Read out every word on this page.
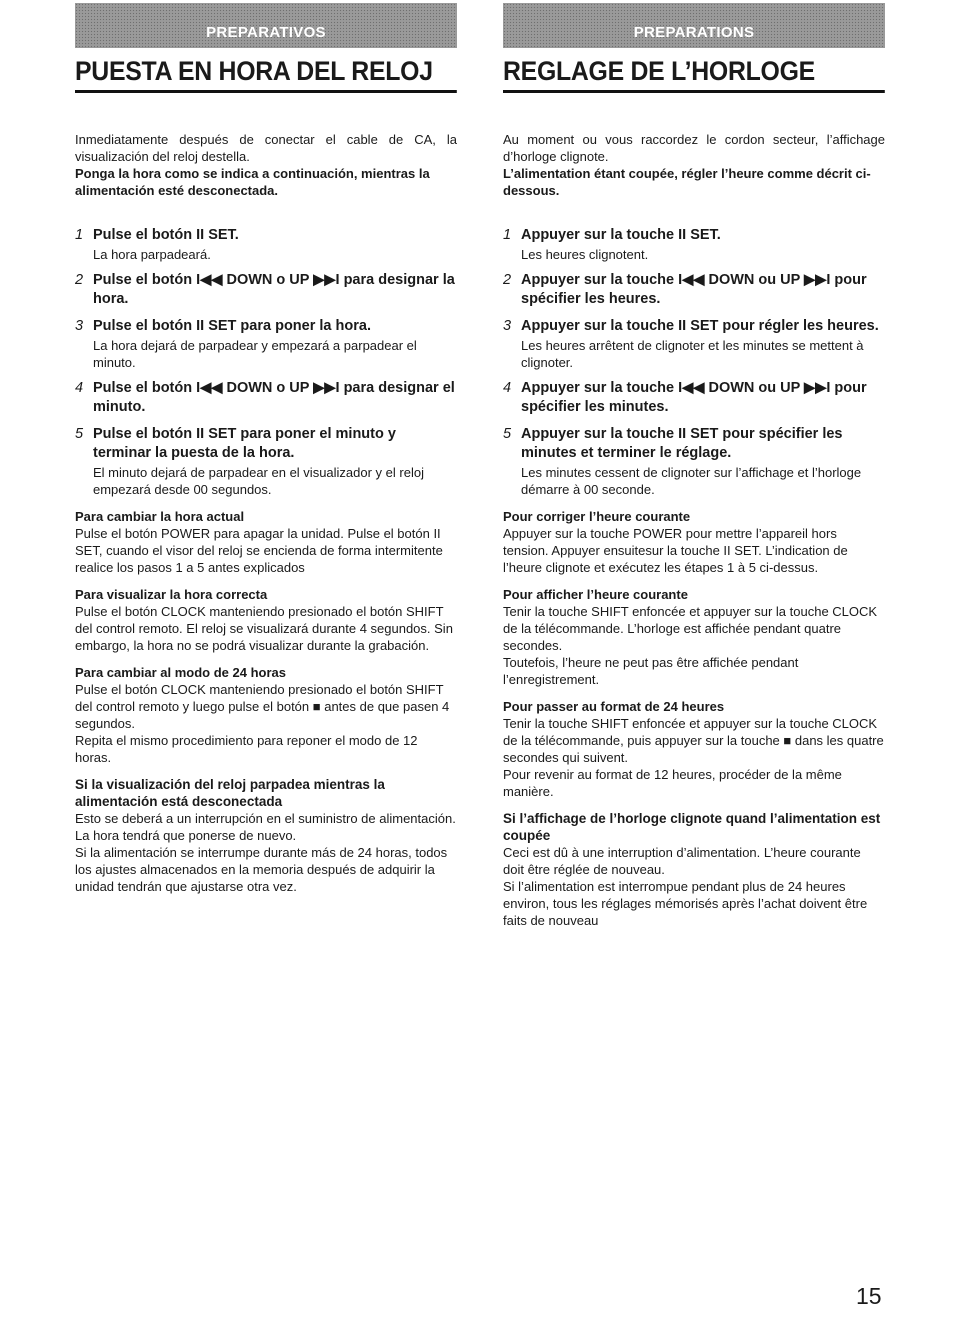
PREPARATIVOS
PUESTA EN HORA DEL RELOJ

Inmediatamente después de conectar el cable de CA, la visualización del reloj destella.

Ponga la hora como se indica a continuación, mientras la alimentación esté desconectada.

1 Pulse el botón II SET.
La hora parpadeará.
2 Pulse el botón I◀◀ DOWN o UP ▶▶I para designar la hora.
3 Pulse el botón II SET para poner la hora.
La hora dejará de parpadear y empezará a parpadear el minuto.
4 Pulse el botón I◀◀ DOWN o UP ▶▶I para designar el minuto.
5 Pulse el botón II SET para poner el minuto y terminar la puesta de la hora.
El minuto dejará de parpadear en el visualizador y el reloj empezará desde 00 segundos.
Para cambiar la hora actual

Pulse el botón POWER para apagar la unidad. Pulse el botón II SET, cuando el visor del reloj se encienda de forma intermitente realice los pasos 1 a 5 antes explicados

Para visualizar la hora correcta

Pulse el botón CLOCK manteniendo presionado el botón SHIFT del control remoto. El reloj se visualizará durante 4 segundos. Sin embargo, la hora no se podrá visualizar durante la grabación.

Para cambiar al modo de 24 horas

Pulse el botón CLOCK manteniendo presionado el botón SHIFT del control remoto y luego pulse el botón ■ antes de que pasen 4 segundos.

Repita el mismo procedimiento para reponer el modo de 12 horas.

Si la visualización del reloj parpadea mientras la alimentación está desconectada

Esto se deberá a un interrupción en el suministro de alimentación. La hora tendrá que ponerse de nuevo.

Si la alimentación se interrumpe durante más de 24 horas, todos los ajustes almacenados en la memoria después de adquirir la unidad tendrán que ajustarse otra vez.

PREPARATIONS
REGLAGE DE L’HORLOGE

Au moment ou vous raccordez le cordon secteur, l’affichage d’horloge clignote.

L’alimentation étant coupée, régler l’heure comme décrit ci-dessous.

1 Appuyer sur la touche II SET.
Les heures clignotent.
2 Appuyer sur la touche I◀◀ DOWN ou UP ▶▶I pour spécifier les heures.
3 Appuyer sur la touche II SET pour régler les heures.
Les heures arrêtent de clignoter et les minutes se mettent à clignoter.
4 Appuyer sur la touche I◀◀ DOWN ou UP ▶▶I pour spécifier les minutes.
5 Appuyer sur la touche II SET pour spécifier les minutes et terminer le réglage.
Les minutes cessent de clignoter sur l’affichage et l’horloge démarre à 00 seconde.
Pour corriger l’heure courante

Appuyer sur la touche POWER pour mettre l’appareil hors tension. Appuyer ensuitesur la touche II SET. L’indication de l’heure clignote et exécutez les étapes 1 à 5 ci-dessus.

Pour afficher l’heure courante

Tenir la touche SHIFT enfoncée et appuyer sur la touche CLOCK de la télécommande. L’horloge est affichée pendant quatre secondes.

Toutefois, l’heure ne peut pas être affichée pendant l’enregistrement.

Pour passer au format de 24 heures

Tenir la touche SHIFT enfoncée et appuyer sur la touche CLOCK de la télécommande, puis appuyer sur la touche ■ dans les quatre secondes qui suivent.

Pour revenir au format de 12 heures, procéder de la même manière.

Si l’affichage de l’horloge clignote quand l’alimentation est coupée

Ceci est dû à une interruption d’alimentation. L’heure courante doit être réglée de nouveau.

Si l’alimentation est interrompue pendant plus de 24 heures environ, tous les réglages mémorisés après l’achat doivent être faits de nouveau

15
